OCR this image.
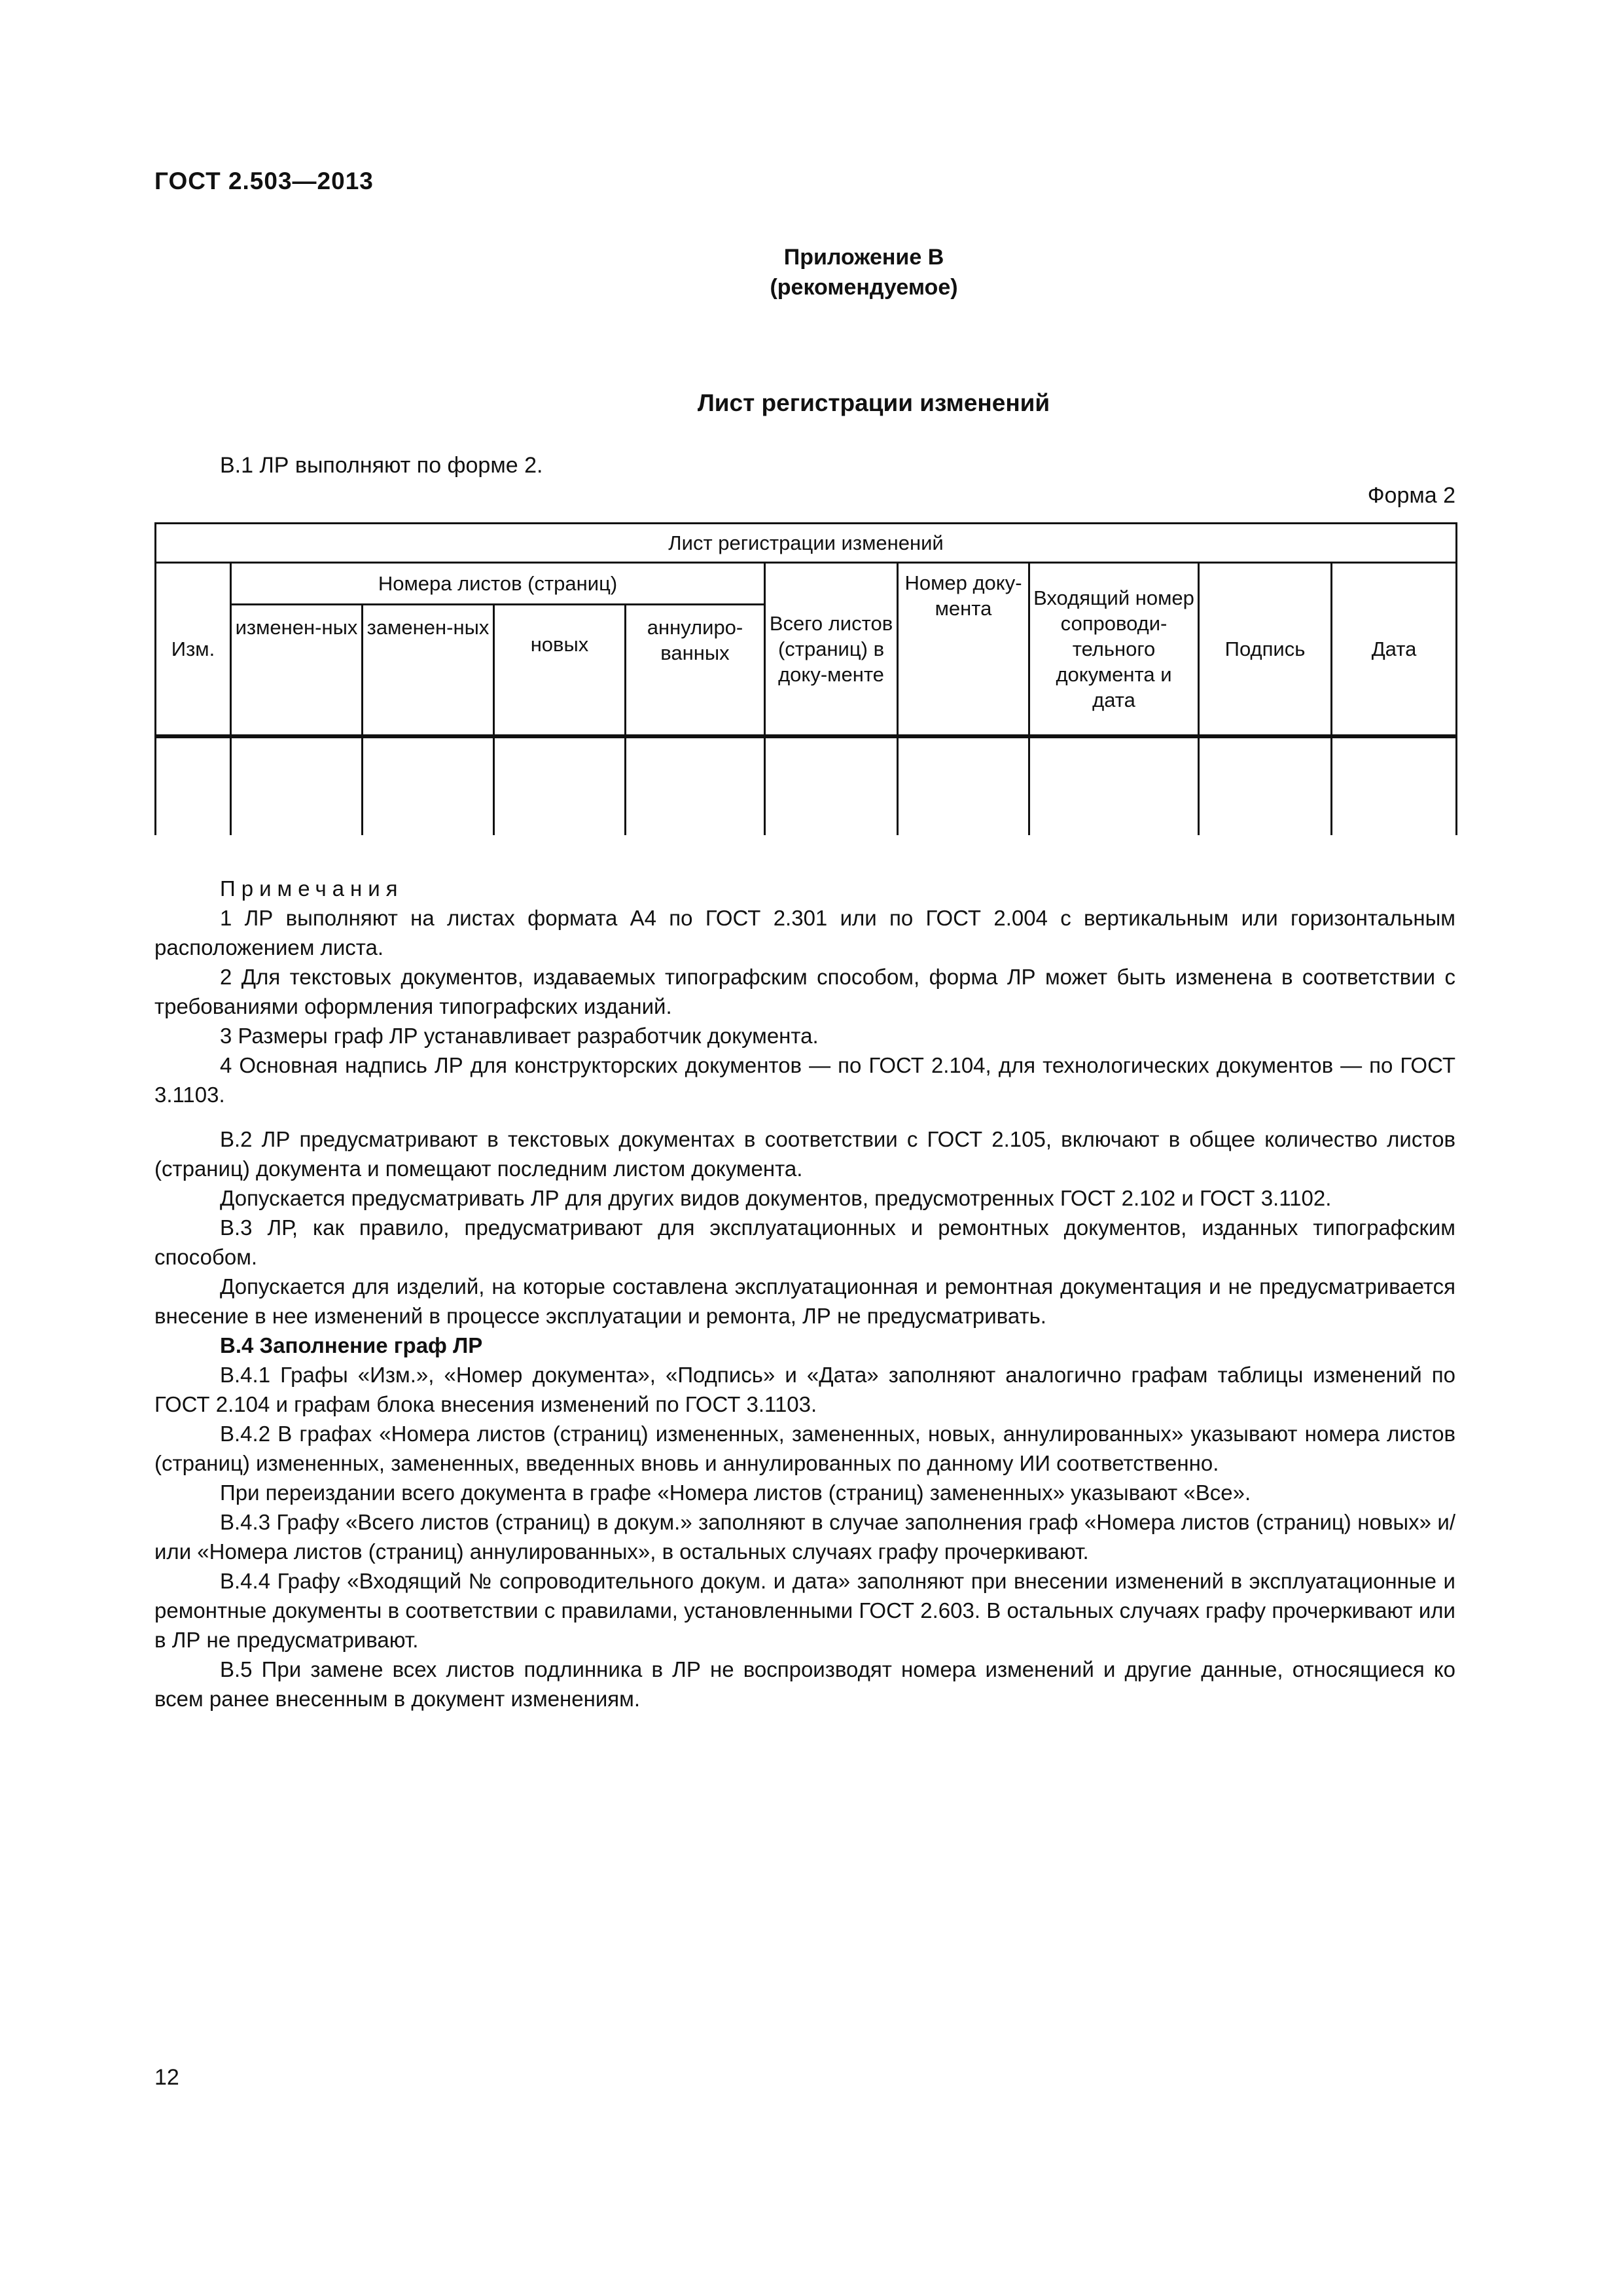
ГОСТ 2.503—2013
Приложение В
(рекомендуемое)
Лист регистрации изменений
В.1 ЛР выполняют по форме 2.
Форма 2
Лист регистрации изменений									
Изм.	Номера листов (страниц)				Всего листов (страниц) в доку-менте	Номер доку-мента	Входящий номер сопроводи-тельного документа и дата	Подпись	Дата
	изменен-ных	заменен-ных	новых	аннулиро-ванных					

Примечания

1 ЛР выполняют на листах формата А4 по ГОСТ 2.301 или по ГОСТ 2.004 с вертикальным или горизонтальным расположением листа.

2 Для текстовых документов, издаваемых типографским способом, форма ЛР может быть изменена в соответствии с требованиями оформления типографских изданий.

3 Размеры граф ЛР устанавливает разработчик документа.

4 Основная надпись ЛР для конструкторских документов — по ГОСТ 2.104, для технологических документов — по ГОСТ 3.1103.

В.2 ЛР предусматривают в текстовых документах в соответствии с ГОСТ 2.105, включают в общее количество листов (страниц) документа и помещают последним листом документа.

Допускается предусматривать ЛР для других видов документов, предусмотренных ГОСТ 2.102 и ГОСТ 3.1102.

В.3 ЛР, как правило, предусматривают для эксплуатационных и ремонтных документов, изданных типографским способом.

Допускается для изделий, на которые составлена эксплуатационная и ремонтная документация и не предусматривается внесение в нее изменений в процессе эксплуатации и ремонта, ЛР не предусматривать.

В.4 Заполнение граф ЛР

В.4.1 Графы «Изм.», «Номер документа», «Подпись» и «Дата» заполняют аналогично графам таблицы изменений по ГОСТ 2.104 и графам блока внесения изменений по ГОСТ 3.1103.

В.4.2 В графах «Номера листов (страниц) измененных, замененных, новых, аннулированных» указывают номера листов (страниц) измененных, замененных, введенных вновь и аннулированных по данному ИИ соответственно.

При переиздании всего документа в графе «Номера листов (страниц) замененных» указывают «Все».

В.4.3 Графу «Всего листов (страниц) в докум.» заполняют в случае заполнения граф «Номера листов (страниц) новых» и/или «Номера листов (страниц) аннулированных», в остальных случаях графу прочеркивают.

В.4.4 Графу «Входящий № сопроводительного докум. и дата» заполняют при внесении изменений в эксплуатационные и ремонтные документы в соответствии с правилами, установленными ГОСТ 2.603. В остальных случаях графу прочеркивают или в ЛР не предусматривают.

В.5 При замене всех листов подлинника в ЛР не воспроизводят номера изменений и другие данные, относящиеся ко всем ранее внесенным в документ изменениям.

12
